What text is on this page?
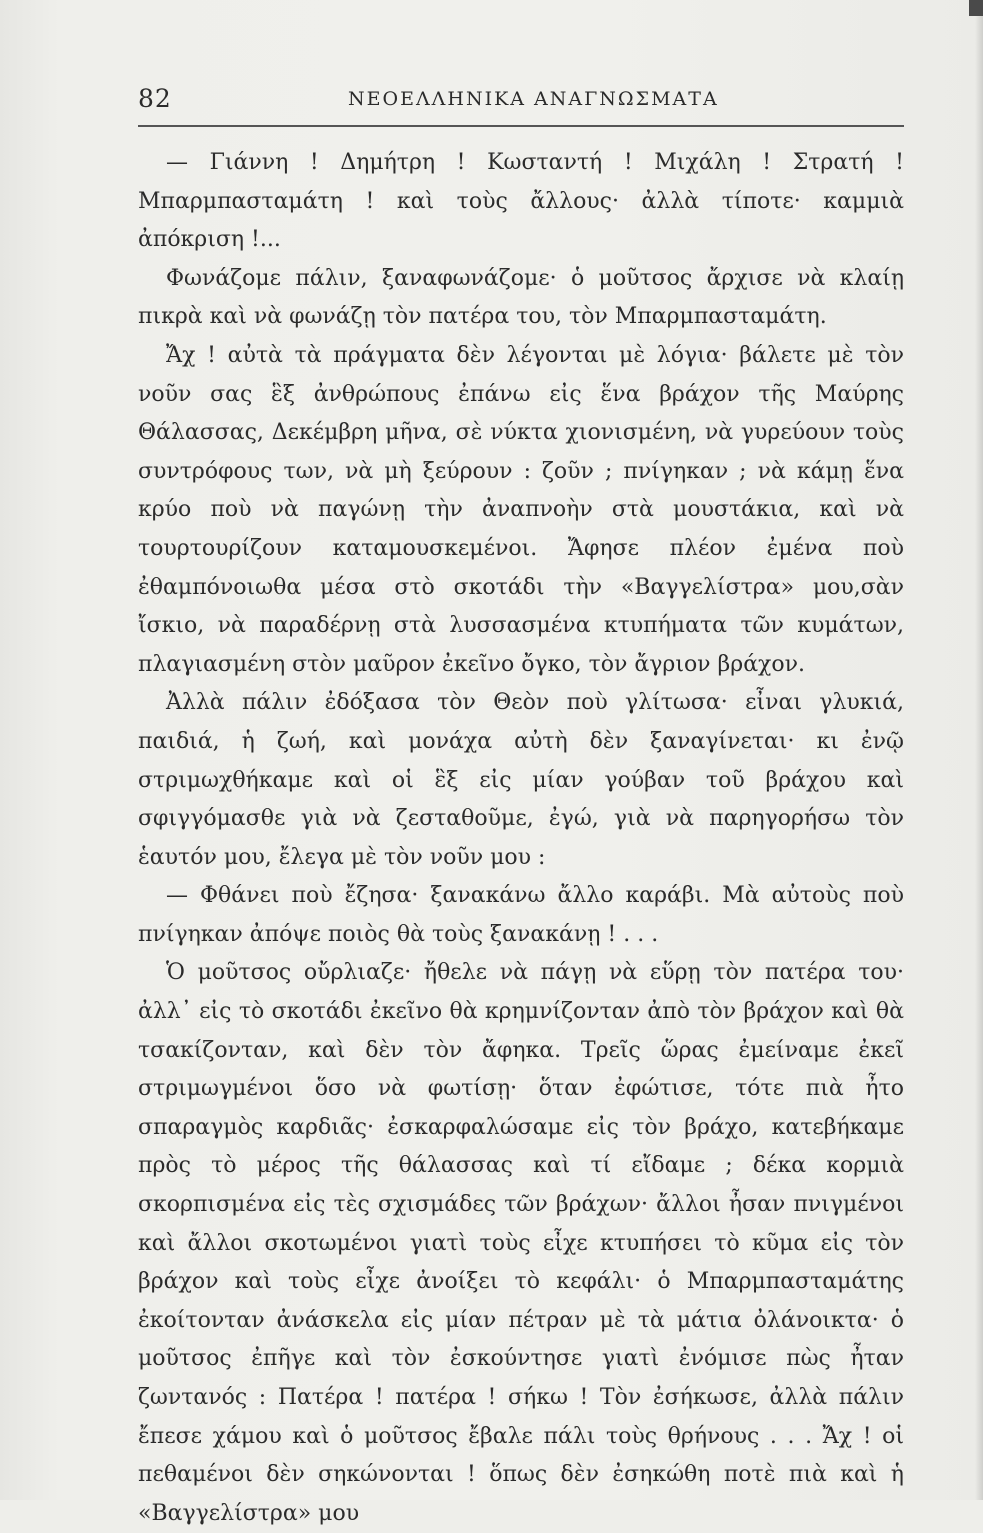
82	ΝΕΟΕΛΛΗΝΙΚΑ ΑΝΑΓΝΩΣΜΑΤΑ

— Γιάννη ! Δημήτρη ! Κωσταντή ! Μιχάλη ! Στρατή ! Μπαρμπασταμάτη ! καὶ τοὺς ἄλλους· ἀλλὰ τίποτε· καμμιὰ ἀπόκριση !...

Φωνάζομε πάλιν, ξαναφωνάζομε· ὁ μοῦτσος ἄρχισε νὰ κλαίῃ πικρὰ καὶ νὰ φωνάζῃ τὸν πατέρα του, τὸν Μπαρμπασταμάτη.

Ἄχ ! αὐτὰ τὰ πράγματα δὲν λέγονται μὲ λόγια· βάλετε μὲ τὸν νοῦν σας ἓξ ἀνθρώπους ἐπάνω εἰς ἕνα βράχον τῆς Μαύρης Θάλασσας, Δεκέμβρη μῆνα, σὲ νύκτα χιονισμένη, νὰ γυρεύουν τοὺς συντρόφους των, νὰ μὴ ξεύρουν : ζοῦν ; πνίγηκαν ; νὰ κάμῃ ἕνα κρύο ποὺ νὰ παγώνῃ τὴν ἀναπνοὴν στὰ μουστάκια, καὶ νὰ τουρτουρίζουν καταμουσκεμένοι. Ἄφησε πλέον ἐμένα ποὺ ἐθαμπόνοιωθα μέσα στὸ σκοτάδι τὴν «Βαγγελίστρα» μου,σὰν ἴσκιο, νὰ παραδέρνῃ στὰ λυσσασμένα κτυπήματα τῶν κυμάτων, πλαγιασμένη στὸν μαῦρον ἐκεῖνο ὄγκο, τὸν ἄγριον βράχον.

Ἀλλὰ πάλιν ἐδόξασα τὸν Θεὸν ποὺ γλίτωσα· εἶναι γλυκιά, παιδιά, ἡ ζωή, καὶ μονάχα αὐτὴ δὲν ξαναγίνεται· κι ἐνῷ στριμωχθήκαμε καὶ οἱ ἓξ εἰς μίαν γούβαν τοῦ βράχου καὶ σφιγγόμασθε γιὰ νὰ ζεσταθοῦμε, ἐγώ, γιὰ νὰ παρηγορήσω τὸν ἑαυτόν μου, ἔλεγα μὲ τὸν νοῦν μου :

— Φθάνει ποὺ ἔζησα· ξανακάνω ἄλλο καράβι. Μὰ αὐτοὺς ποὺ πνίγηκαν ἀπόψε ποιὸς θὰ τοὺς ξανακάνῃ ! . . .

Ὁ μοῦτσος οὔρλιαζε· ἤθελε νὰ πάγῃ νὰ εὕρῃ τὸν πατέρα του· ἀλλ᾿ εἰς τὸ σκοτάδι ἐκεῖνο θὰ κρημνίζονταν ἀπὸ τὸν βράχον καὶ θὰ τσακίζονταν, καὶ δὲν τὸν ἄφηκα. Τρεῖς ὥρας ἐμείναμε ἐκεῖ στριμωγμένοι ὅσο νὰ φωτίσῃ· ὅταν ἐφώτισε, τότε πιὰ ἦτο σπαραγμὸς καρδιᾶς· ἐσκαρφαλώσαμε εἰς τὸν βράχο, κατεβήκαμε πρὸς τὸ μέρος τῆς θάλασσας καὶ τί εἴδαμε ; δέκα κορμιὰ σκορπισμένα εἰς τὲς σχισμάδες τῶν βράχων· ἄλλοι ἦσαν πνιγμένοι καὶ ἄλλοι σκοτωμένοι γιατὶ τοὺς εἶχε κτυπήσει τὸ κῦμα εἰς τὸν βράχον καὶ τοὺς εἶχε ἀνοίξει τὸ κεφάλι· ὁ Μπαρμπασταμάτης ἐκοίτονταν ἀνάσκελα εἰς μίαν πέτραν μὲ τὰ μάτια ὀλάνοικτα· ὁ μοῦτσος ἐπῆγε καὶ τὸν ἐσκούντησε γιατὶ ἐνόμισε πὼς ἦταν ζωντανός : Πατέρα ! πατέρα ! σήκω ! Τὸν ἐσήκωσε, ἀλλὰ πάλιν ἔπεσε χάμου καὶ ὁ μοῦτσος ἔβαλε πάλι τοὺς θρήνους . . . Ἄχ ! οἱ πεθαμένοι δὲν σηκώνονται ! ὅπως δὲν ἐσηκώθη ποτὲ πιὰ καὶ ἡ «Βαγγελίστρα» μου
